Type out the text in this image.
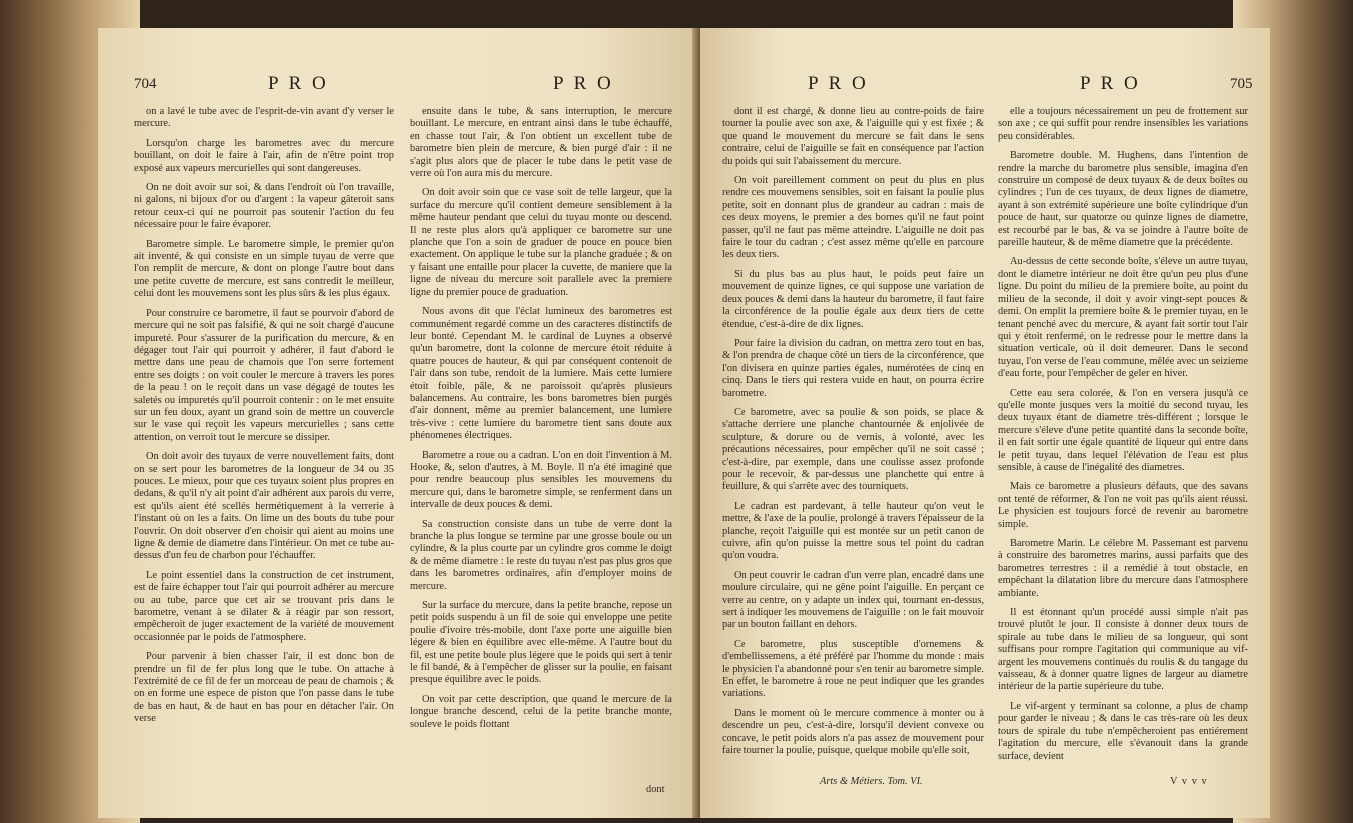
704	P R O	P R O

on a lavé le tube avec de l'esprit-de-vin avant d'y verser le mercure.

Lorsqu'on charge les barometres avec du mercure bouillant, on doit le faire à l'air, afin de n'être point trop exposé aux vapeurs mercurielles qui sont dangereuses.

On ne doit avoir sur soi, & dans l'endroit où l'on travaille, ni galons, ni bijoux d'or ou d'argent : la vapeur gâteroit sans retour ceux-ci qui ne pourroit pas soutenir l'action du feu nécessaire pour le faire évaporer.

Barometre simple. Le barometre simple, le premier qu'on ait inventé, & qui consiste en un simple tuyau de verre que l'on remplit de mercure, & dont on plonge l'autre bout dans une petite cuvette de mercure, est sans contredit le meilleur, celui dont les mouvemens sont les plus sûrs & les plus égaux.

Pour construire ce barometre, il faut se pourvoir d'abord de mercure qui ne soit pas falsifié, & qui ne soit chargé d'aucune impureté. Pour s'assurer de la purification du mercure, & en dégager tout l'air qui pourroit y adhérer, il faut d'abord le mettre dans une peau de chamois que l'on serre fortement entre ses doigts : on voit couler le mercure à travers les pores de la peau ! on le reçoit dans un vase dégagé de toutes les saletés ou impuretés qu'il pourroit contenir : on le met ensuite sur un feu doux, ayant un grand soin de mettre un couvercle sur le vase qui reçoit les vapeurs mercurielles ; sans cette attention, on verroit tout le mercure se dissiper.

On doit avoir des tuyaux de verre nouvellement faits, dont on se sert pour les barometres de la longueur de 34 ou 35 pouces. Le mieux, pour que ces tuyaux soient plus propres en dedans, & qu'il n'y ait point d'air adhérent aux parois du verre, est qu'ils aient été scellés hermétiquement à la verrerie à l'instant où on les a faits. On lime un des bouts du tube pour l'ouvrir. On doit observer d'en choisir qui aient au moins une ligne & demie de diametre dans l'intérieur. On met ce tube au-dessus d'un feu de charbon pour l'échauffer.

Le point essentiel dans la construction de cet instrument, est de faire échapper tout l'air qui pourroit adhérer au mercure ou au tube, parce que cet air se trouvant pris dans le barometre, venant à se dilater & à réagir par son ressort, empêcheroit de juger exactement de la variété de mouvement occasionnée par le poids de l'atmosphere.

Pour parvenir à bien chasser l'air, il est donc bon de prendre un fil de fer plus long que le tube. On attache à l'extrémité de ce fil de fer un morceau de peau de chamois ; & on en forme une espece de piston que l'on passe dans le tube de bas en haut, & de haut en bas pour en détacher l'air. On verse

ensuite dans le tube, & sans interruption, le mercure bouillant. Le mercure, en entrant ainsi dans le tube échauffé, en chasse tout l'air, & l'on obtient un excellent tube de barometre bien plein de mercure, & bien purgé d'air : il ne s'agit plus alors que de placer le tube dans le petit vase de verre où l'on aura mis du mercure.

On doit avoir soin que ce vase soit de telle largeur, que la surface du mercure qu'il contient demeure sensiblement à la même hauteur pendant que celui du tuyau monte ou descend. Il ne reste plus alors qu'à appliquer ce barometre sur une planche que l'on a soin de graduer de pouce en pouce bien exactement. On applique le tube sur la planche graduée ; & on y faisant une entaille pour placer la cuvette, de maniere que la ligne de niveau du mercure soit parallele avec la premiere ligne du premier pouce de graduation.

Nous avons dit que l'éclat lumineux des barometres est communément regardé comme un des caracteres distinctifs de leur bonté. Cependant M. le cardinal de Luynes a observé qu'un barometre, dont la colonne de mercure étoit réduite à quatre pouces de hauteur, & qui par conséquent contenoit de l'air dans son tube, rendoit de la lumiere. Mais cette lumiere étoit foible, pâle, & ne paroissoit qu'après plusieurs balancemens. Au contraire, les bons barometres bien purgés d'air donnent, même au premier balancement, une lumiere très-vive : cette lumiere du barometre tient sans doute aux phénomenes électriques.

Barometre a roue ou a cadran. L'on en doit l'invention à M. Hooke, &, selon d'autres, à M. Boyle. Il n'a été imaginé que pour rendre beaucoup plus sensibles les mouvemens du mercure qui, dans le barometre simple, se renferment dans un intervalle de deux pouces & demi.

Sa construction consiste dans un tube de verre dont la branche la plus longue se termine par une grosse boule ou un cylindre, & la plus courte par un cylindre gros comme le doigt & de même diametre : le reste du tuyau n'est pas plus gros que dans les barometres ordinaires, afin d'employer moins de mercure.

Sur la surface du mercure, dans la petite branche, repose un petit poids suspendu à un fil de soie qui enveloppe une petite poulie d'ivoire très-mobile, dont l'axe porte une aiguille bien légere & bien en équilibre avec elle-même. A l'autre bout du fil, est une petite boule plus légere que le poids qui sert à tenir le fil bandé, & à l'empêcher de glisser sur la poulie, en faisant presque équilibre avec le poids.

On voit par cette description, que quand le mercure de la longue branche descend, celui de la petite branche monte, souleve le poids flottant

dont
P R O	P R O	705

dont il est chargé, & donne lieu au contre-poids de faire tourner la poulie avec son axe, & l'aiguille qui y est fixée ; & que quand le mouvement du mercure se fait dans le sens contraire, celui de l'aiguille se fait en conséquence par l'action du poids qui suit l'abaissement du mercure.

On voit pareillement comment on peut du plus en plus rendre ces mouvemens sensibles, soit en faisant la poulie plus petite, soit en donnant plus de grandeur au cadran : mais de ces deux moyens, le premier a des bornes qu'il ne faut point passer, qu'il ne faut pas même atteindre. L'aiguille ne doit pas faire le tour du cadran ; c'est assez même qu'elle en parcoure les deux tiers.

Si du plus bas au plus haut, le poids peut faire un mouvement de quinze lignes, ce qui suppose une variation de deux pouces & demi dans la hauteur du barometre, il faut faire la circonférence de la poulie égale aux deux tiers de cette étendue, c'est-à-dire de dix lignes.

Pour faire la division du cadran, on mettra zero tout en bas, & l'on prendra de chaque côté un tiers de la circonférence, que l'on divisera en quinze parties égales, numérotées de cinq en cinq. Dans le tiers qui restera vuide en haut, on pourra écrire barometre.

Ce barometre, avec sa poulie & son poids, se place & s'attache derriere une planche chantournée & enjolivée de sculpture, & dorure ou de vernis, à volonté, avec les précautions nécessaires, pour empêcher qu'il ne soit cassé ; c'est-à-dire, par exemple, dans une coulisse assez profonde pour le recevoir, & par-dessus une planchette qui entre à feuillure, & qui s'arrête avec des tourniquets.

Le cadran est pardevant, à telle hauteur qu'on veut le mettre, & l'axe de la poulie, prolongé à travers l'épaisseur de la planche, reçoit l'aiguille qui est montée sur un petit canon de cuivre, afin qu'on puisse la mettre sous tel point du cadran qu'on voudra.

On peut couvrir le cadran d'un verre plan, encadré dans une moulure circulaire, qui ne gêne point l'aiguille. En perçant ce verre au centre, on y adapte un index qui, tournant en-dessus, sert à indiquer les mouvemens de l'aiguille : on le fait mouvoir par un bouton faillant en dehors.

Ce barometre, plus susceptible d'ornemens & d'embellissemens, a été préféré par l'homme du monde : mais le physicien l'a abandonné pour s'en tenir au barometre simple. En effet, le barometre à roue ne peut indiquer que les grandes variations.

Dans le moment où le mercure commence à monter ou à descendre un peu, c'est-à-dire, lorsqu'il devient convexe ou concave, le petit poids alors n'a pas assez de mouvement pour faire tourner la poulie, puisque, quelque mobile qu'elle soit,

elle a toujours nécessairement un peu de frottement sur son axe ; ce qui suffit pour rendre insensibles les variations peu considérables.

Barometre double. M. Hughens, dans l'intention de rendre la marche du barometre plus sensible, imagina d'en construire un composé de deux tuyaux & de deux boîtes ou cylindres ; l'un de ces tuyaux, de deux lignes de diametre, ayant à son extrémité supérieure une boîte cylindrique d'un pouce de haut, sur quatorze ou quinze lignes de diametre, est recourbé par le bas, & va se joindre à l'autre boîte de pareille hauteur, & de même diametre que la précédente.

Au-dessus de cette seconde boîte, s'éleve un autre tuyau, dont le diametre intérieur ne doit être qu'un peu plus d'une ligne. Du point du milieu de la premiere boîte, au point du milieu de la seconde, il doit y avoir vingt-sept pouces & demi. On emplit la premiere boîte & le premier tuyau, en le tenant penché avec du mercure, & ayant fait sortir tout l'air qui y étoit renfermé, on le redresse pour le mettre dans la situation verticale, où il doit demeurer. Dans le second tuyau, l'on verse de l'eau commune, mêlée avec un seizieme d'eau forte, pour l'empêcher de geler en hiver.

Cette eau sera colorée, & l'on en versera jusqu'à ce qu'elle monte jusques vers la moitié du second tuyau, les deux tuyaux étant de diametre très-différent ; lorsque le mercure s'éleve d'une petite quantité dans la seconde boîte, il en fait sortir une égale quantité de liqueur qui entre dans le petit tuyau, dans lequel l'élévation de l'eau est plus sensible, à cause de l'inégalité des diametres.

Mais ce barometre a plusieurs défauts, que des savans ont tenté de réformer, & l'on ne voit pas qu'ils aient réussi. Le physicien est toujours forcé de revenir au barometre simple.

Barometre Marin. Le célebre M. Passemant est parvenu à construire des barometres marins, aussi parfaits que des barometres terrestres : il a remédié à tout obstacle, en empêchant la dilatation libre du mercure dans l'atmosphere ambiante.

Il est étonnant qu'un procédé aussi simple n'ait pas trouvé plutôt le jour. Il consiste à donner deux tours de spirale au tube dans le milieu de sa longueur, qui sont suffisans pour rompre l'agitation qui communique au vif-argent les mouvemens continués du roulis & du tangage du vaisseau, & à donner quatre lignes de largeur au diametre intérieur de la partie supérieure du tube.

Le vif-argent y terminant sa colonne, a plus de champ pour garder le niveau ; & dans le cas très-rare où les deux tours de spirale du tube n'empêcheroient pas entiérement l'agitation du mercure, elle s'évanouit dans la grande surface, devient

Arts & Métiers. Tom. VI.	V v v v
